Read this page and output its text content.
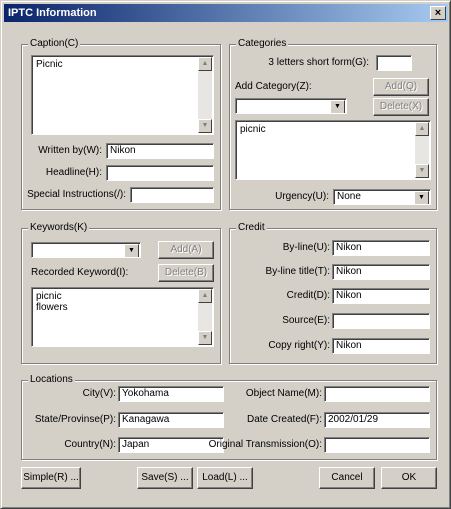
IPTC Information	×
Caption(C)
Picnic	▲
▼
Written by(W): Nikon
Headline(H):
Special Instructions(/):
Categories
3 letters short form(G):
Add Category(Z):	Add(Q)
▼	Delete(X)
picnic	▲
▼
Urgency(U): None	▼
Keywords(K)
▼	Add(A)
Recorded Keyword(I):	Delete(B)
picnic
flowers
▲
▼
Credit
By-line(U): Nikon
By-line title(T): Nikon
Credit(D): Nikon
Source(E):
Copy right(Y): Nikon
Locations
City(V): Yokohama
State/Provinse(P): Kanagawa
Country(N): Japan
Object Name(M):
Date Created(F): 2002/01/29
Original Transmission(O):
Simple(R) ...	Save(S) ...	Load(L) ...	Cancel	OK
